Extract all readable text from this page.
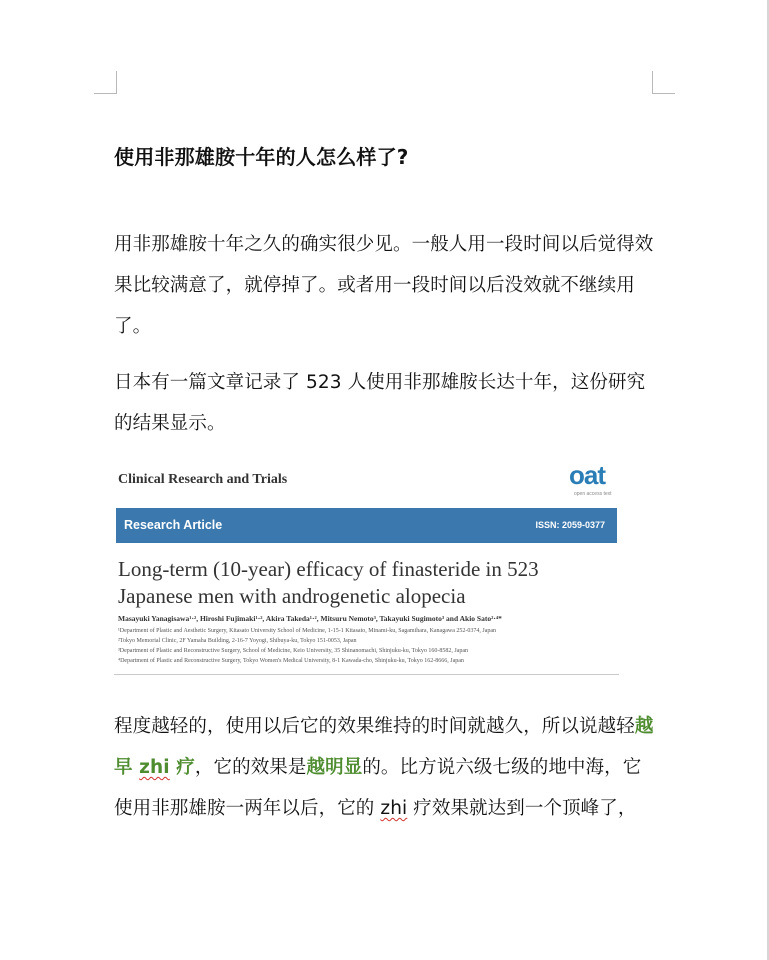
使用非那雄胺十年的人怎么样了?

用非那雄胺十年之久的确实很少见。一般人用一段时间以后觉得效果比较满意了，就停掉了。或者用一段时间以后没效就不继续用了。

日本有一篇文章记录了 523 人使用非那雄胺长达十年，这份研究的结果显示。

程度越轻的，使用以后它的效果维持的时间就越久，所以说越轻越早 zhi 疗，它的效果是越明显的。比方说六级七级的地中海，它使用非那雄胺一两年以后，它的 zhi 疗效果就达到一个顶峰了，

Clinical Research and Trials	oat
open access text
Research Article	ISSN: 2059-0377
Long-term (10-year) efficacy of finasteride in 523 Japanese men with androgenetic alopecia
Masayuki Yanagisawa¹·², Hiroshi Fujimaki¹·², Akira Takeda¹·², Mitsuru Nemoto³, Takayuki Sugimoto³ and Akio Sato²·⁴*
¹Department of Plastic and Aesthetic Surgery, Kitasato University School of Medicine, 1-15-1 Kitasato, Minami-ku, Sagamihara, Kanagawa 252-0374, Japan
²Tokyo Memorial Clinic, 2F Yamaha Building, 2-16-7 Yoyogi, Shibuya-ku, Tokyo 151-0053, Japan
³Department of Plastic and Reconstructive Surgery, School of Medicine, Keio University, 35 Shinanomachi, Shinjuku-ku, Tokyo 160-8582, Japan
⁴Department of Plastic and Reconstructive Surgery, Tokyo Women's Medical University, 8-1 Kawada-cho, Shinjuku-ku, Tokyo 162-8666, Japan
